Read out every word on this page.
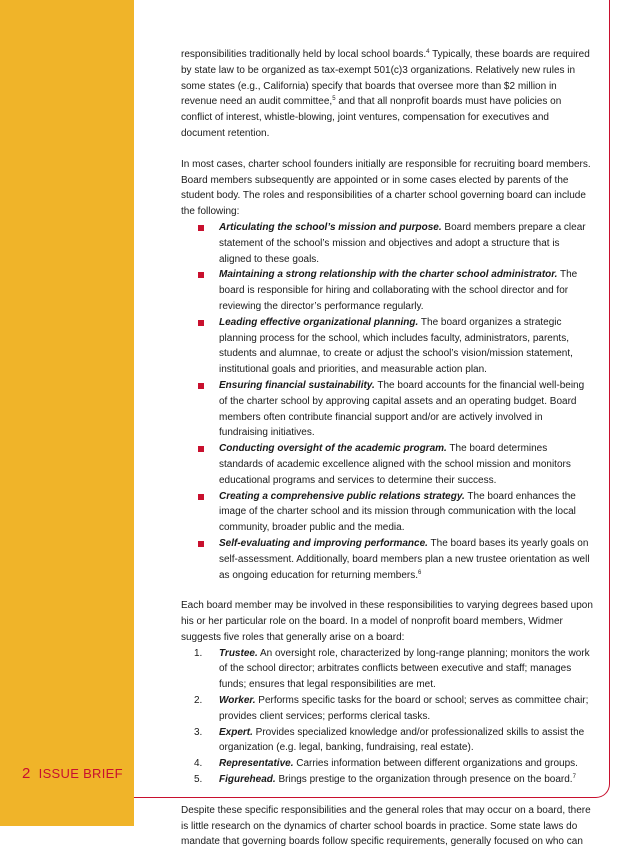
2 ISSUE BRIEF

responsibilities traditionally held by local school boards.$^4$ Typically, these boards are required by state law to be organized as tax-exempt 501(c)3 organizations. Relatively new rules in some states (e.g., California) specify that boards that oversee more than $2 million in revenue need an audit committee,$^5$ and that all nonprofit boards must have policies on conflict of interest, whistle-blowing, joint ventures, compensation for executives and document retention.

In most cases, charter school founders initially are responsible for recruiting board members. Board members subsequently are appointed or in some cases elected by parents of the student body. The roles and responsibilities of a charter school governing board can include the following:

Articulating the school’s mission and purpose. Board members prepare a clear statement of the school’s mission and objectives and adopt a structure that is aligned to these goals.
Maintaining a strong relationship with the charter school administrator. The board is responsible for hiring and collaborating with the school director and for reviewing the director’s performance regularly.
Leading effective organizational planning. The board organizes a strategic planning process for the school, which includes faculty, administrators, parents, students and alumnae, to create or adjust the school’s vision/mission statement, institutional goals and priorities, and measurable action plan.
Ensuring financial sustainability. The board accounts for the financial well-being of the charter school by approving capital assets and an operating budget. Board members often contribute financial support and/or are actively involved in fundraising initiatives.
Conducting oversight of the academic program. The board determines standards of academic excellence aligned with the school mission and monitors educational programs and services to determine their success.
Creating a comprehensive public relations strategy. The board enhances the image of the charter school and its mission through communication with the local community, broader public and the media.
Self-evaluating and improving performance. The board bases its yearly goals on self-assessment. Additionally, board members plan a new trustee orientation as well as ongoing education for returning members.$^6$

Each board member may be involved in these responsibilities to varying degrees based upon his or her particular role on the board. In a model of nonprofit board members, Widmer suggests five roles that generally arise on a board:

1.	Trustee. An oversight role, characterized by long-range planning; monitors the work of the school director; arbitrates conflicts between executive and staff; manages funds; ensures that legal responsibilities are met.
2.	Worker. Performs specific tasks for the board or school; serves as committee chair; provides client services; performs clerical tasks.
3.	Expert. Provides specialized knowledge and/or professionalized skills to assist the organization (e.g. legal, banking, fundraising, real estate).
4.	Representative. Carries information between different organizations and groups.
5.	Figurehead. Brings prestige to the organization through presence on the board.$^7$

Despite these specific responsibilities and the general roles that may occur on a board, there is little research on the dynamics of charter school boards in practice. Some state laws do mandate that governing boards follow specific requirements, generally focused on who can
